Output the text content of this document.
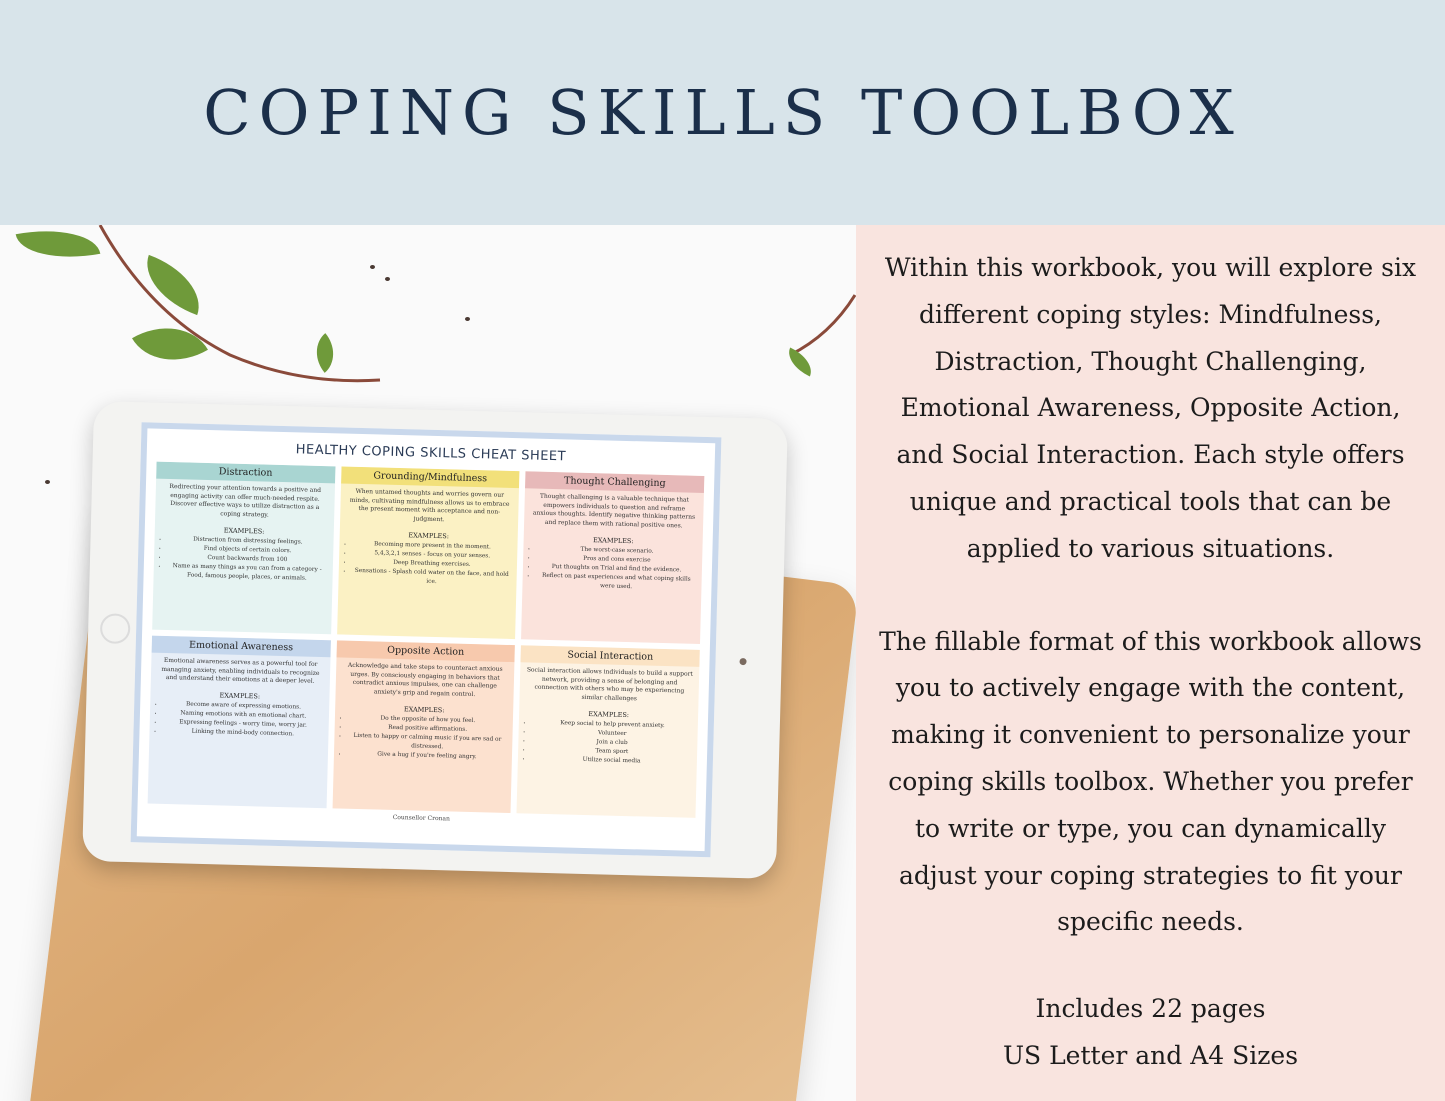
COPING SKILLS TOOLBOX
HEALTHY COPING SKILLS CHEAT SHEET
Distraction
Redirecting your attention towards a positive and engaging activity can offer much-needed respite. Discover effective ways to utilize distraction as a coping strategy.
EXAMPLES:
• Distraction from distressing feelings.
• Find objects of certain colors.
• Count backwards from 100
• Name as many things as you can from a category - Food, famous people, places, or animals.
Grounding/Mindfulness
When untamed thoughts and worries govern our minds, cultivating mindfulness allows us to embrace the present moment with acceptance and non-judgment.
EXAMPLES:
• Becoming more present in the moment.
• 5,4,3,2,1 senses - focus on your senses.
• Deep Breathing exercises.
• Sensations - Splash cold water on the face, and hold ice.
Thought Challenging
Thought challenging is a valuable technique that empowers individuals to question and reframe anxious thoughts. Identify negative thinking patterns and replace them with rational positive ones.
EXAMPLES:
• The worst-case scenario.
• Pros and cons exercise
• Put thoughts on Trial and find the evidence.
• Reflect on past experiences and what coping skills were used.
Emotional Awareness
Emotional awareness serves as a powerful tool for managing anxiety, enabling individuals to recognize and understand their emotions at a deeper level.
EXAMPLES:
• Become aware of expressing emotions.
• Naming emotions with an emotional chart.
• Expressing feelings - worry time, worry jar.
• Linking the mind-body connection.
Opposite Action
Acknowledge and take steps to counteract anxious urges. By consciously engaging in behaviors that contradict anxious impulses, one can challenge anxiety's grip and regain control.
EXAMPLES:
• Do the opposite of how you feel.
• Read positive affirmations.
• Listen to happy or calming music if you are sad or distressed.
• Give a hug if you're feeling angry.
Social Interaction
Social interaction allows individuals to build a support network, providing a sense of belonging and connection with others who may be experiencing similar challenges
EXAMPLES:
• Keep social to help prevent anxiety.
• Volunteer
• Join a club
• Team sport
• Utilize social media
Counsellor Cronan

Within this workbook, you will explore six different coping styles: Mindfulness, Distraction, Thought Challenging, Emotional Awareness, Opposite Action, and Social Interaction. Each style offers unique and practical tools that can be applied to various situations.

The fillable format of this workbook allows you to actively engage with the content, making it convenient to personalize your coping skills toolbox. Whether you prefer to write or type, you can dynamically adjust your coping strategies to fit your specific needs.

Includes 22 pages

US Letter and A4 Sizes
